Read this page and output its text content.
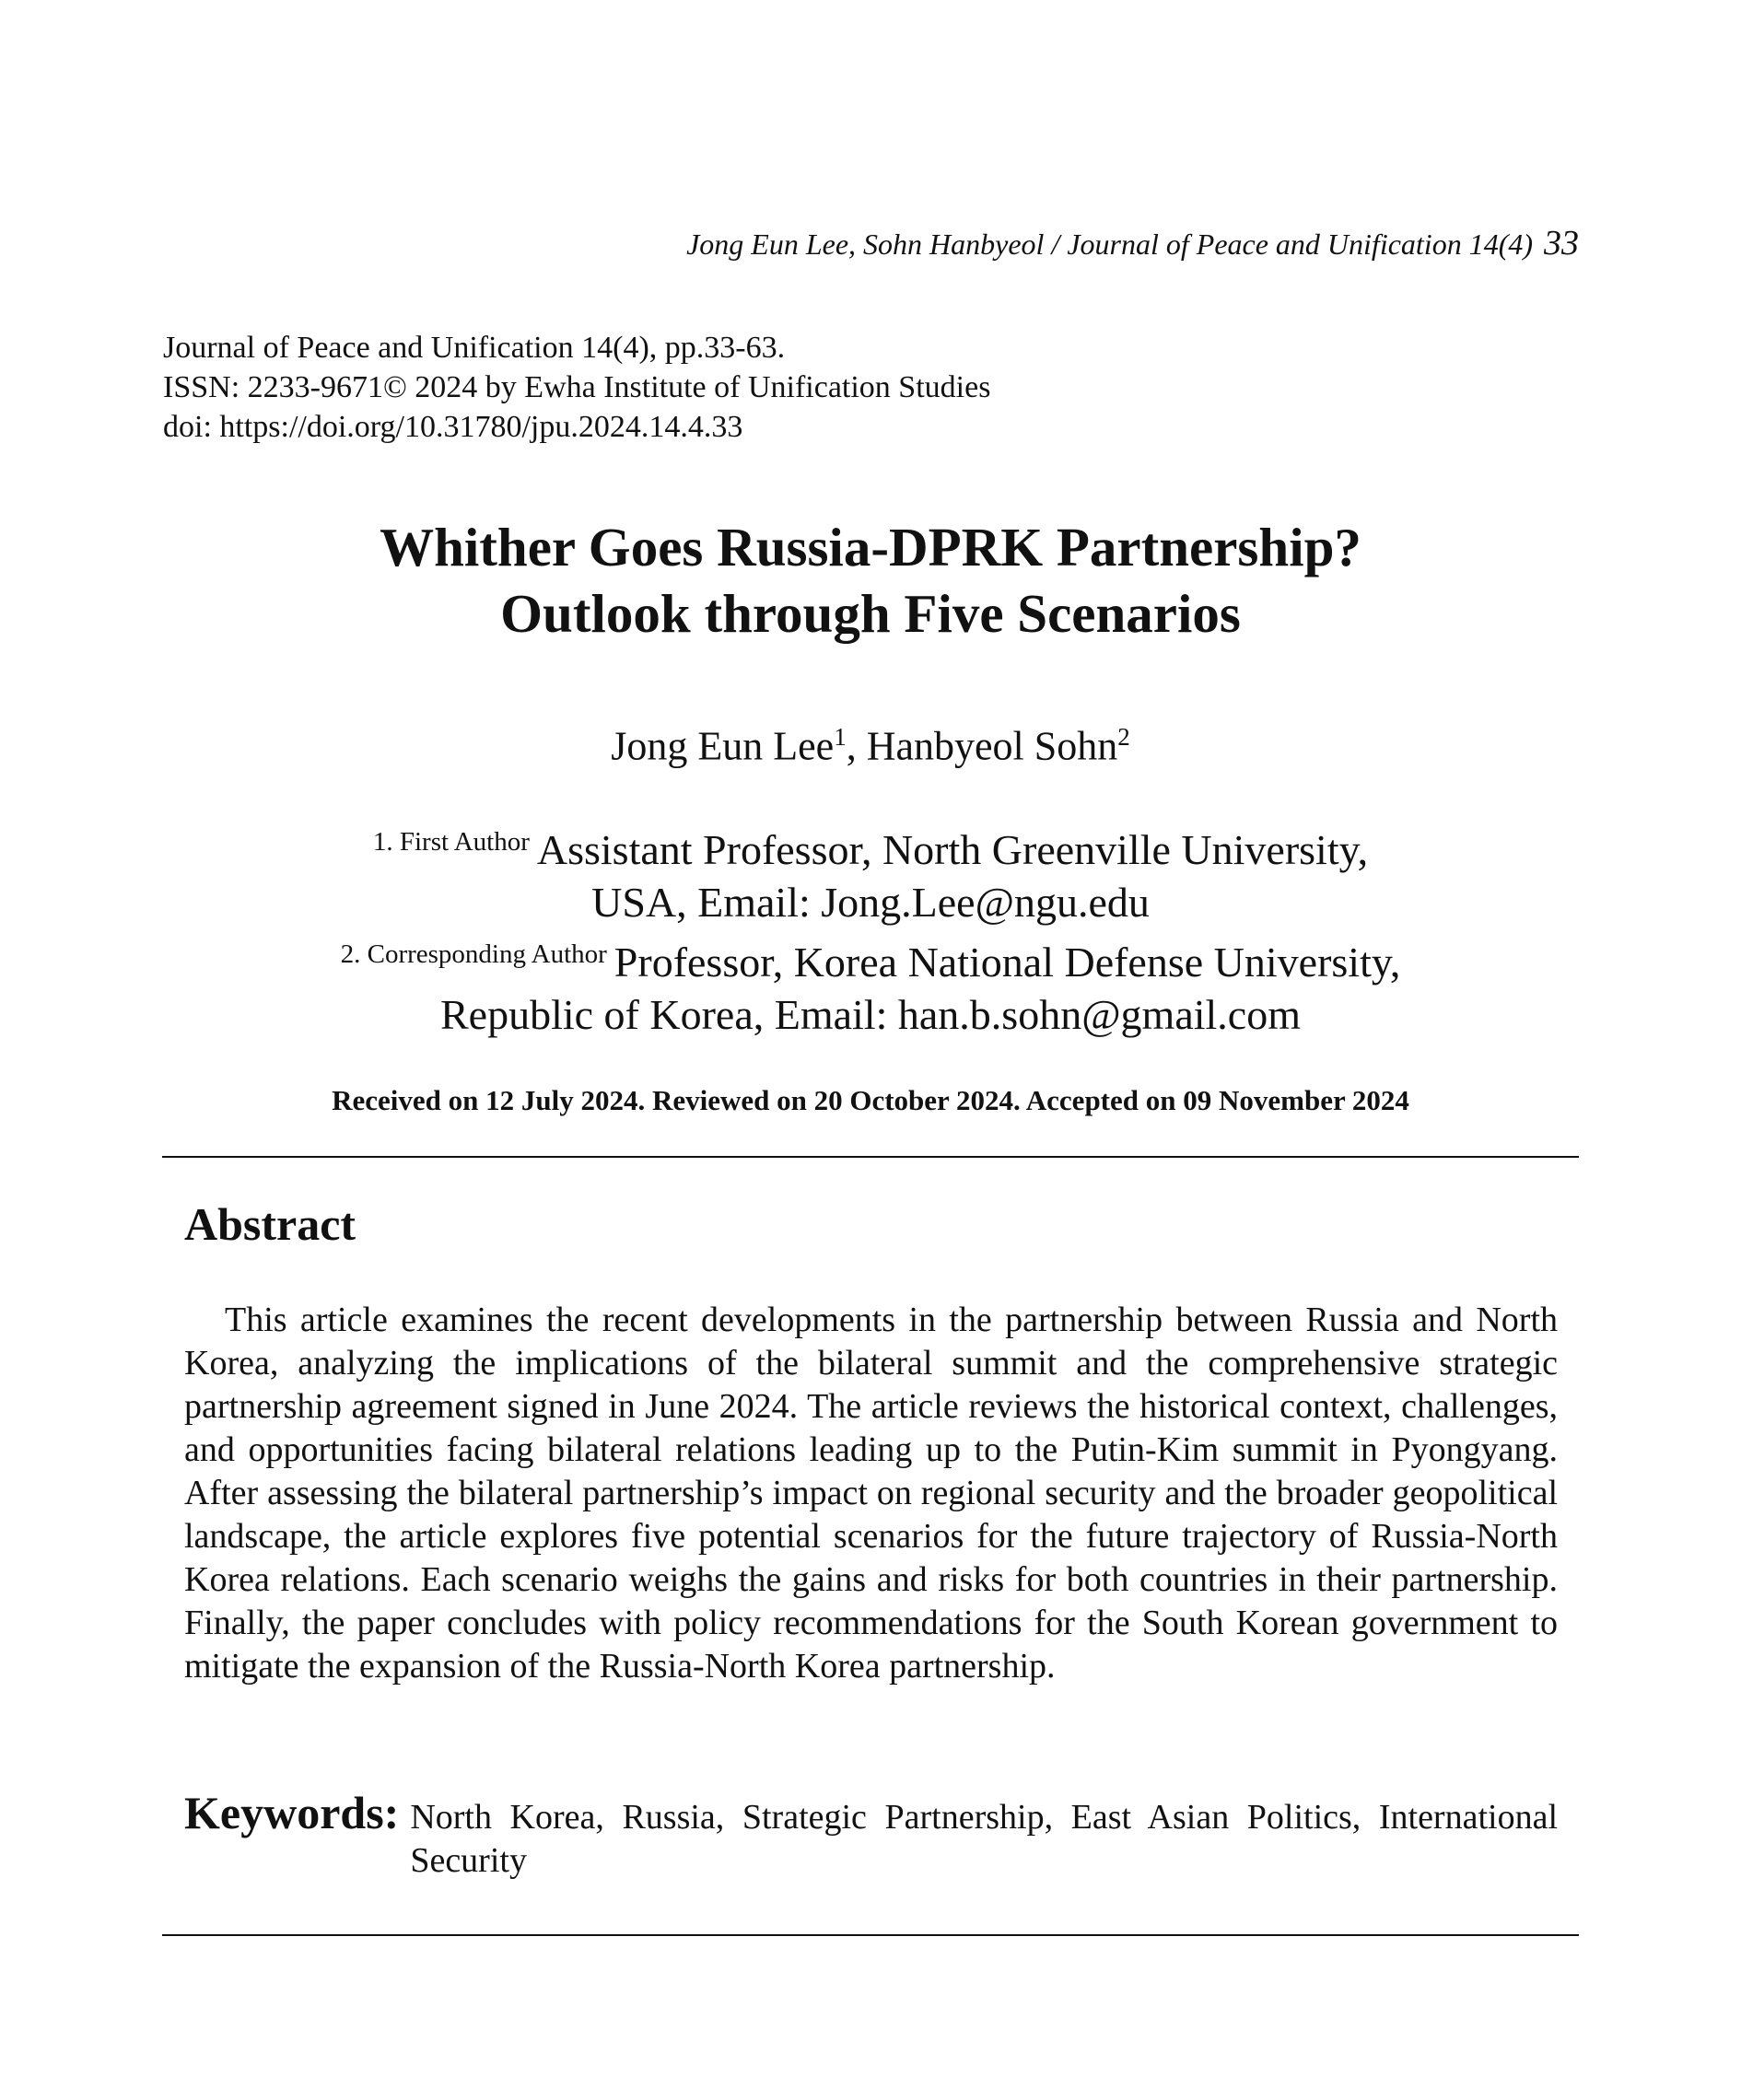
Jong Eun Lee, Sohn Hanbyeol / Journal of Peace and Unification 14(4) 33
Journal of Peace and Unification 14(4), pp.33-63.
ISSN: 2233-9671© 2024 by Ewha Institute of Unification Studies
doi: https://doi.org/10.31780/jpu.2024.14.4.33
Whither Goes Russia-DPRK Partnership?
Outlook through Five Scenarios
Jong Eun Lee$^1$, Hanbyeol Sohn$^2$
$^{1. First Author}$ Assistant Professor, North Greenville University,
USA, Email: Jong.Lee@ngu.edu
$^{2. Corresponding Author}$ Professor, Korea National Defense University,
Republic of Korea, Email: han.b.sohn@gmail.com
Received on 12 July 2024. Reviewed on 20 October 2024. Accepted on 09 November 2024
Abstract
This article examines the recent developments in the partnership between Russia and North Korea, analyzing the implications of the bilateral summit and the comprehensive strategic partnership agreement signed in June 2024. The article reviews the historical context, challenges, and opportunities facing bilateral relations leading up to the Putin-Kim summit in Pyongyang. After assessing the bilateral partnership’s impact on regional security and the broader geopolitical landscape, the article explores five potential scenarios for the future trajectory of Russia-North Korea relations. Each scenario weighs the gains and risks for both countries in their partnership. Finally, the paper concludes with policy recommendations for the South Korean government to mitigate the expansion of the Russia-North Korea partnership.
Keywords: North Korea, Russia, Strategic Partnership, East Asian Politics, International Security
